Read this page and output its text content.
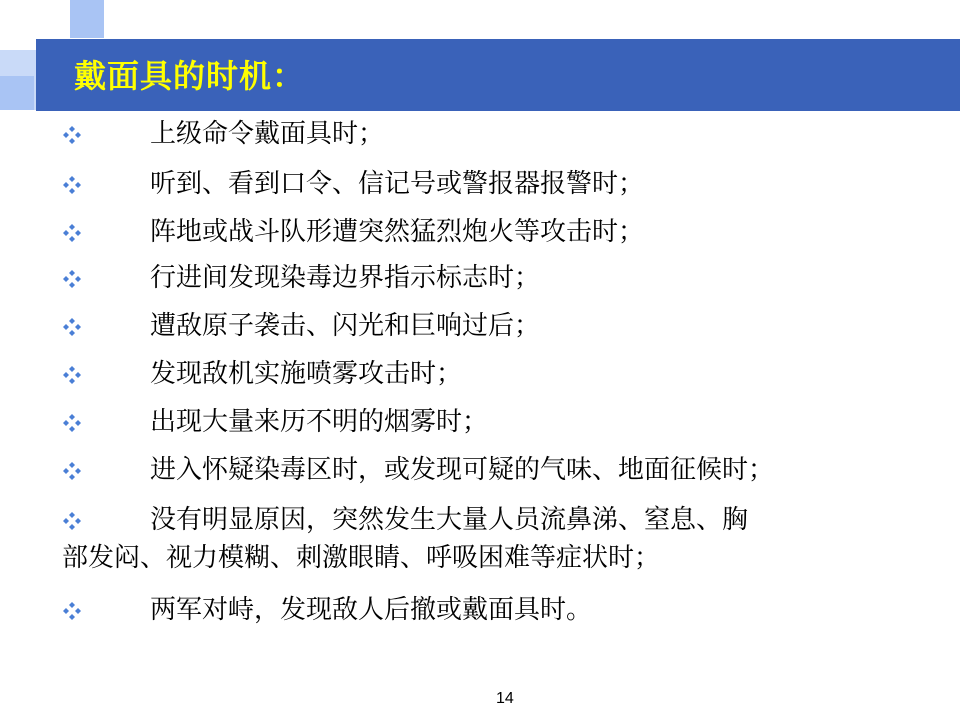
戴面具的时机：
上级命令戴面具时；
听到、看到口令、信记号或警报器报警时；
阵地或战斗队形遭突然猛烈炮火等攻击时；
行进间发现染毒边界指示标志时；
遭敌原子袭击、闪光和巨响过后；
发现敌机实施喷雾攻击时；
出现大量来历不明的烟雾时；
进入怀疑染毒区时，或发现可疑的气味、地面征候时；
没有明显原因，突然发生大量人员流鼻涕、窒息、胸
部发闷、视力模糊、刺激眼睛、呼吸困难等症状时；
两军对峙，发现敌人后撤或戴面具时。
14
